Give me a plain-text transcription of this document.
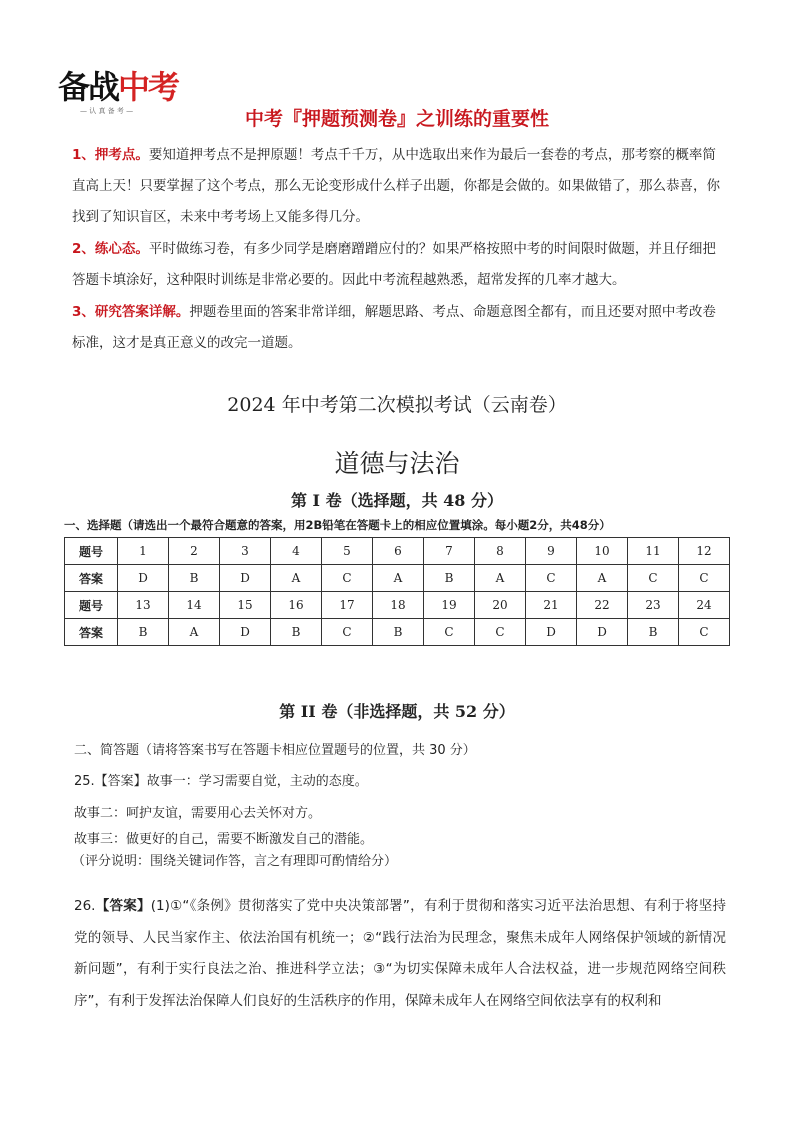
备战中考
— 认 真 备 考 —	中考『押题预测卷』之训练的重要性
1、押考点。要知道押考点不是押原题！考点千千万，从中选取出来作为最后一套卷的考点，那考察的概率简直高上天！只要掌握了这个考点，那么无论变形成什么样子出题，你都是会做的。如果做错了，那么恭喜，你找到了知识盲区，未来中考考场上又能多得几分。
2、练心态。平时做练习卷，有多少同学是磨磨蹭蹭应付的？如果严格按照中考的时间限时做题，并且仔细把答题卡填涂好，这种限时训练是非常必要的。因此中考流程越熟悉，超常发挥的几率才越大。
3、研究答案详解。押题卷里面的答案非常详细，解题思路、考点、命题意图全都有，而且还要对照中考改卷标准，这才是真正意义的改完一道题。
2024 年中考第二次模拟考试（云南卷）
道德与法治
第 I 卷（选择题，共 48 分）
一、选择题（请选出一个最符合题意的答案，用2B铅笔在答题卡上的相应位置填涂。每小题2分，共48分）
题号	1	2	3	4	5	6	7	8	9	10	11	12
答案	D	B	D	A	C	A	B	A	C	A	C	C
题号	13	14	15	16	17	18	19	20	21	22	23	24
答案	B	A	D	B	C	B	C	C	D	D	B	C
第 II 卷（非选择题，共 52 分）
二、简答题（请将答案书写在答题卡相应位置题号的位置，共 30 分）
25.【答案】故事一：学习需要自觉，主动的态度。
故事二：呵护友谊，需要用心去关怀对方。
故事三：做更好的自己，需要不断激发自己的潜能。
（评分说明：围绕关键词作答，言之有理即可酌情给分）
26.【答案】(1)①“《条例》贯彻落实了党中央决策部署”，有利于贯彻和落实习近平法治思想、有利于将坚持党的领导、人民当家作主、依法治国有机统一；②“践行法治为民理念，聚焦未成年人网络保护领域的新情况新问题”，有利于实行良法之治、推进科学立法；③“为切实保障未成年人合法权益，进一步规范网络空间秩序”，有利于发挥法治保障人们良好的生活秩序的作用，保障未成年人在网络空间依法享有的权利和
